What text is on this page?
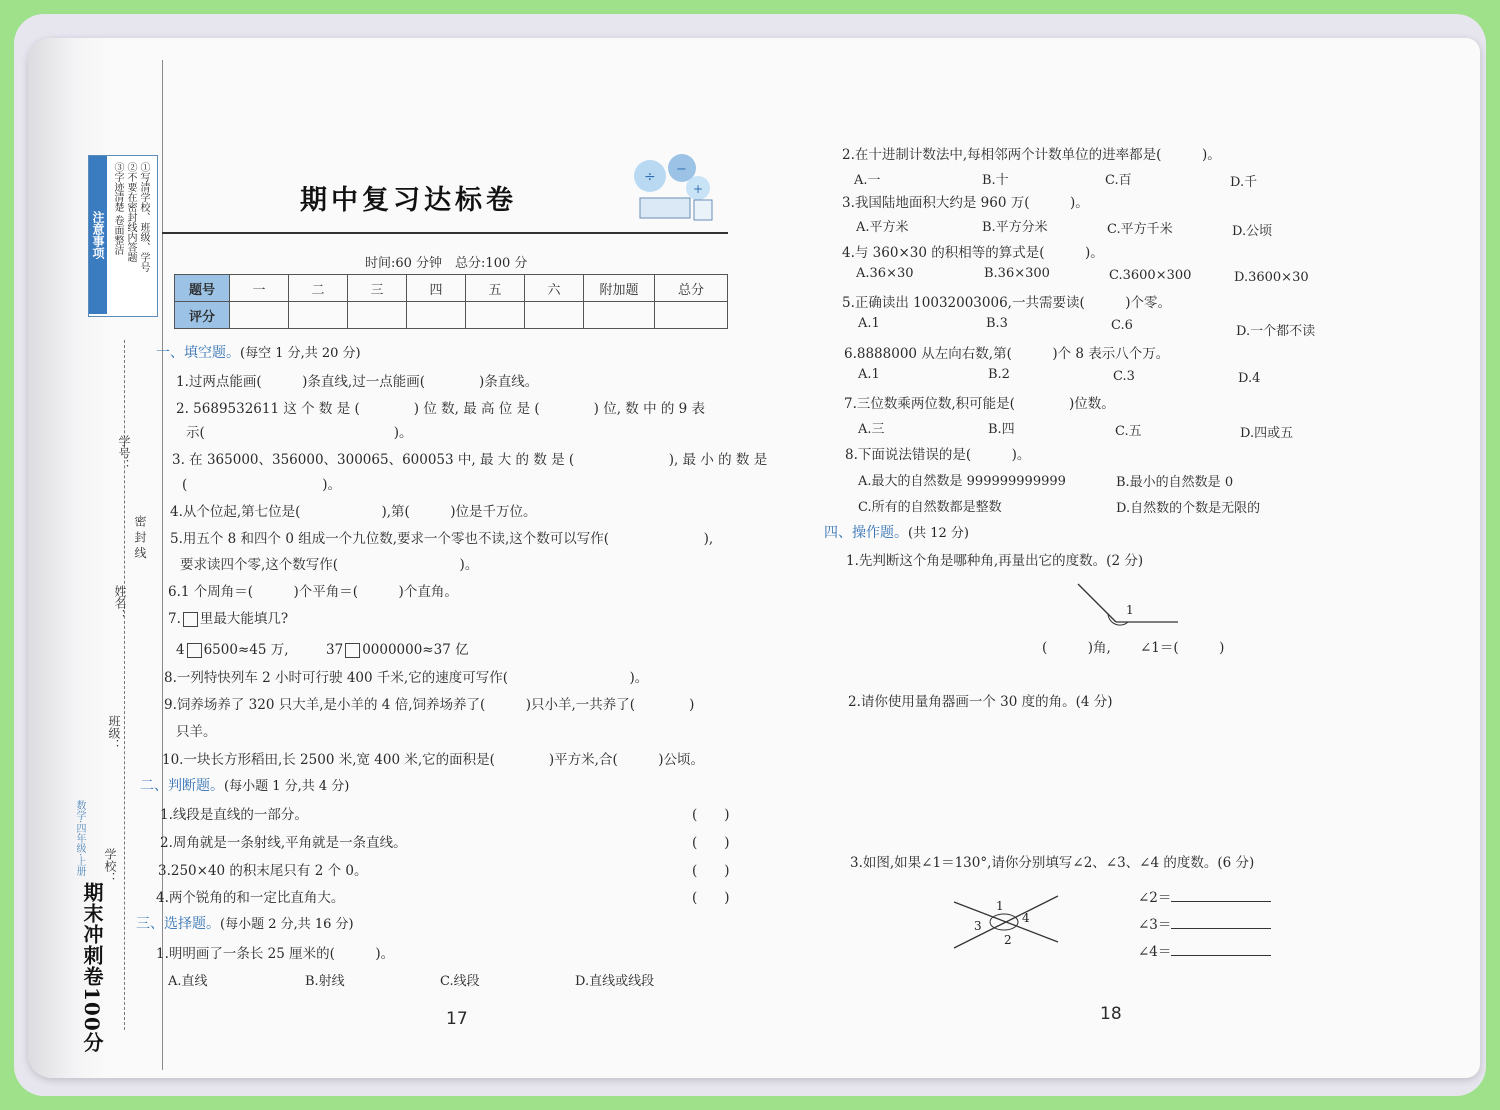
注意事项	①写清学校、班级、学号
②不要在密封线内答题
③字迹清楚 卷面整洁
学号：
密 封 线
姓名：
班级：
学校：
数学·四年级·上册
期末冲刺卷100分
期中复习达标卷
÷ −
+
时间:60 分钟　总分:100 分
题号	一	二	三	四	五	六	附加题	总分
评分								
一、填空题。(每空 1 分,共 20 分)
1.过两点能画(　　　)条直线,过一点能画(　　　　)条直线。
2. 5689532611 这 个 数 是 (　　　　) 位 数, 最 高 位 是 (　　　　) 位, 数 中 的 9 表
示(　　　　　　　　　　　　　　)。
3. 在 365000、356000、300065、600053 中, 最 大 的 数 是 (　　　　　　　), 最 小 的 数 是
(　　　　　　　　　　)。
4.从个位起,第七位是(　　　　　　),第(　　　)位是千万位。
5.用五个 8 和四个 0 组成一个九位数,要求一个零也不读,这个数可以写作(　　　　　　　),
要求读四个零,这个数写作(　　　　　　　　　)。
6.1 个周角＝(　　　)个平角＝(　　　)个直角。
7. 里最大能填几?
4 6500≈45 万,	37 0000000≈37 亿
8.一列特快列车 2 小时可行驶 400 千米,它的速度可写作(　　　　　　　　　)。
9.饲养场养了 320 只大羊,是小羊的 4 倍,饲养场养了(　　　)只小羊,一共养了(　　　　)
只羊。
10.一块长方形稻田,长 2500 米,宽 400 米,它的面积是(　　　　)平方米,合(　　　)公顷。
二、判断题。(每小题 1 分,共 4 分)
1.线段是直线的一部分。	(　　)
2.周角就是一条射线,平角就是一条直线。	(　　)
3.250×40 的积末尾只有 2 个 0。	(　　)
4.两个锐角的和一定比直角大。	(　　)
三、选择题。(每小题 2 分,共 16 分)
1.明明画了一条长 25 厘米的(　　　)。
A.直线	B.射线	C.线段	D.直线或线段
17
2.在十进制计数法中,每相邻两个计数单位的进率都是(　　　)。
A.一	B.十	C.百	D.千
3.我国陆地面积大约是 960 万(　　　)。
A.平方米	B.平方分米	C.平方千米	D.公顷
4.与 360×30 的积相等的算式是(　　　)。
A.36×30	B.36×300	C.3600×300	D.3600×30
5.正确读出 10032003006,一共需要读(　　　)个零。
A.1	B.3	C.6	D.一个都不读
6.8888000 从左向右数,第(　　　)个 8 表示八个万。
A.1	B.2	C.3	D.4
7.三位数乘两位数,积可能是(　　　　)位数。
A.三	B.四	C.五	D.四或五
8.下面说法错误的是(　　　)。
A.最大的自然数是 999999999999	B.最小的自然数是 0
C.所有的自然数都是整数	D.自然数的个数是无限的
四、操作题。(共 12 分)
1.先判断这个角是哪种角,再量出它的度数。(2 分)
1
(　　　)角, ∠1＝(　　　)
2.请你使用量角器画一个 30 度的角。(4 分)
3.如图,如果∠1＝130°,请你分别填写∠2、∠3、∠4 的度数。(6 分)
1
2
3
4
∠2＝
∠3＝
∠4＝
18
